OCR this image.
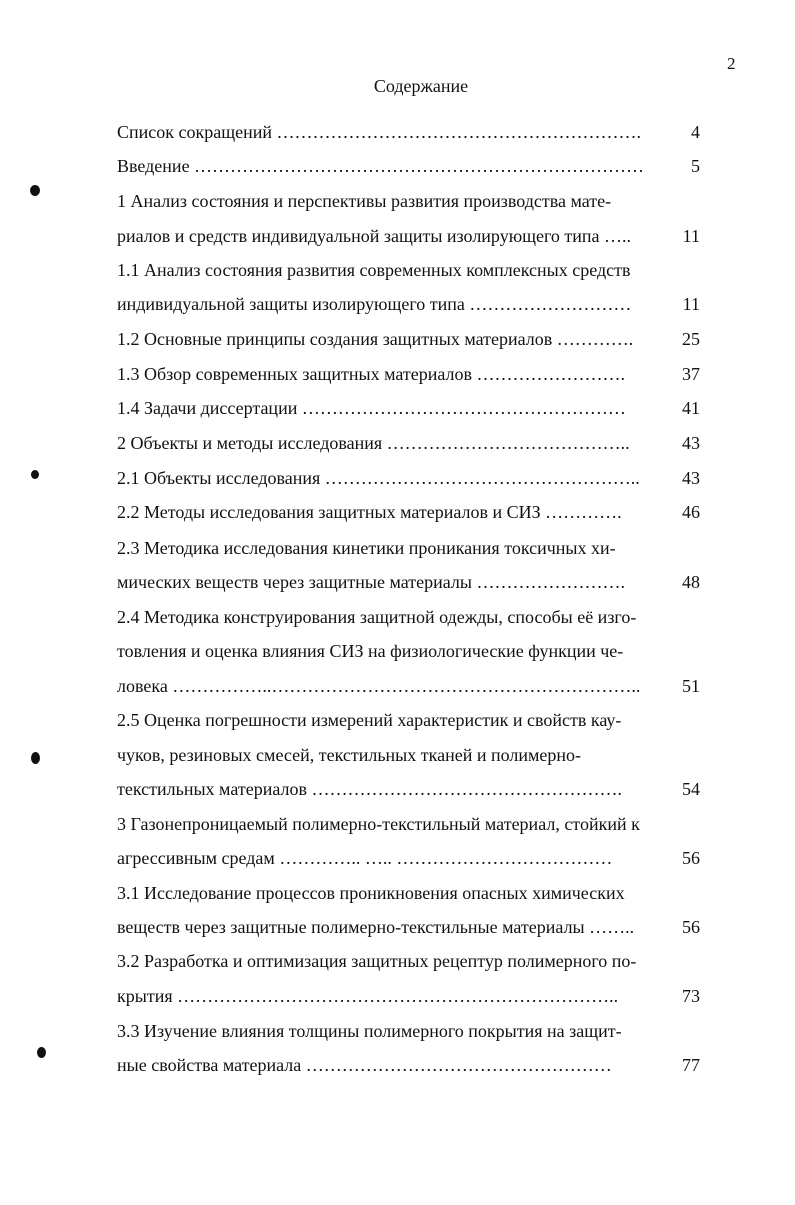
2
Содержание
Список сокращений …………………………………………………….	4
Введение …………………………………………………………………	5
1 Анализ состояния и перспективы развития производства мате-
риалов и средств индивидуальной защиты изолирующего типа …..	11
1.1 Анализ состояния развития современных комплексных средств
индивидуальной защиты изолирующего типа ………………………	11
1.2 Основные принципы создания защитных материалов ………….	25
1.3 Обзор современных защитных материалов …………………….	37
1.4 Задачи диссертации ………………………………………………	41
2 Объекты и методы исследования …………………………………..	43
2.1 Объекты исследования …………………………………………….. 43
2.2 Методы исследования защитных материалов и СИЗ ………….	46
2.3 Методика исследования кинетики проникания токсичных хи-
мических веществ через защитные материалы …………………….	48
2.4 Методика конструирования защитной одежды, способы её изго-
товления и оценка влияния СИЗ на физиологические функции че-
ловека ……………..…………………………………………………….. 51
2.5 Оценка погрешности измерений характеристик и свойств кау-
чуков, резиновых смесей, текстильных тканей и полимерно-
текстильных материалов …………………………………………….	54
3 Газонепроницаемый полимерно-текстильный материал, стойкий к
агрессивным средам ………….. ….. ………………………………	56
3.1 Исследование процессов проникновения опасных химических
веществ через защитные полимерно-текстильные материалы ……..	56
3.2 Разработка и оптимизация защитных рецептур полимерного по-
крытия ………………………………………………………………..	73
3.3 Изучение влияния толщины полимерного покрытия на защит-
ные свойства материала ……………………………………………	77
